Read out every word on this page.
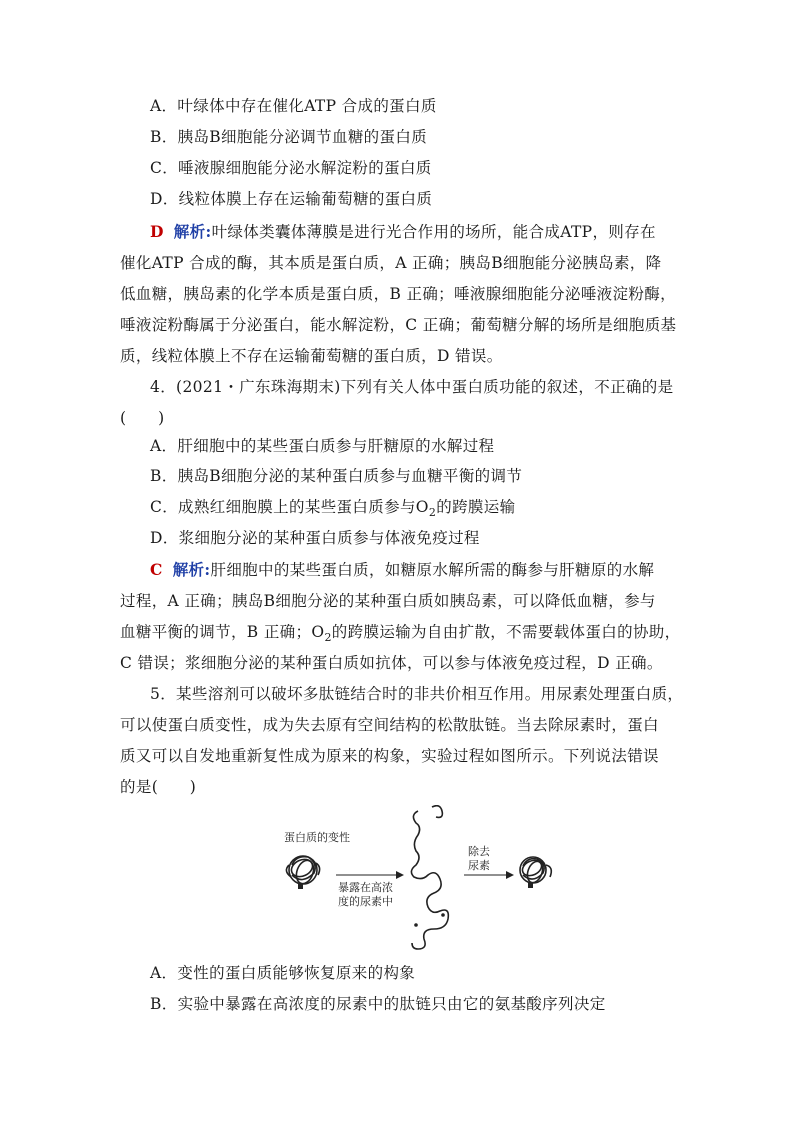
A．叶绿体中存在催化ATP 合成的蛋白质
B．胰岛B细胞能分泌调节血糖的蛋白质
C．唾液腺细胞能分泌水解淀粉的蛋白质
D．线粒体膜上存在运输葡萄糖的蛋白质
D 解析:叶绿体类囊体薄膜是进行光合作用的场所，能合成ATP，则存在
催化ATP 合成的酶，其本质是蛋白质，A 正确；胰岛B细胞能分泌胰岛素，降
低血糖，胰岛素的化学本质是蛋白质，B 正确；唾液腺细胞能分泌唾液淀粉酶，
唾液淀粉酶属于分泌蛋白，能水解淀粉，C 正确；葡萄糖分解的场所是细胞质基
质，线粒体膜上不存在运输葡萄糖的蛋白质，D 错误。
4．(2021・广东珠海期末)下列有关人体中蛋白质功能的叙述，不正确的是
(　　)
A．肝细胞中的某些蛋白质参与肝糖原的水解过程
B．胰岛B细胞分泌的某种蛋白质参与血糖平衡的调节
C．成熟红细胞膜上的某些蛋白质参与$O_2$的跨膜运输
D．浆细胞分泌的某种蛋白质参与体液免疫过程
C 解析:肝细胞中的某些蛋白质，如糖原水解所需的酶参与肝糖原的水解
过程，A 正确；胰岛B细胞分泌的某种蛋白质如胰岛素，可以降低血糖，参与
血糖平衡的调节，B 正确；$O_2$的跨膜运输为自由扩散，不需要载体蛋白的协助，
C 错误；浆细胞分泌的某种蛋白质如抗体，可以参与体液免疫过程，D 正确。
5．某些溶剂可以破坏多肽链结合时的非共价相互作用。用尿素处理蛋白质，
可以使蛋白质变性，成为失去原有空间结构的松散肽链。当去除尿素时，蛋白
质又可以自发地重新复性成为原来的构象，实验过程如图所示。下列说法错误
的是(　　)
蛋白质的变性
暴露在高浓
度的尿素中
除去
尿素
A．变性的蛋白质能够恢复原来的构象
B．实验中暴露在高浓度的尿素中的肽链只由它的氨基酸序列决定
